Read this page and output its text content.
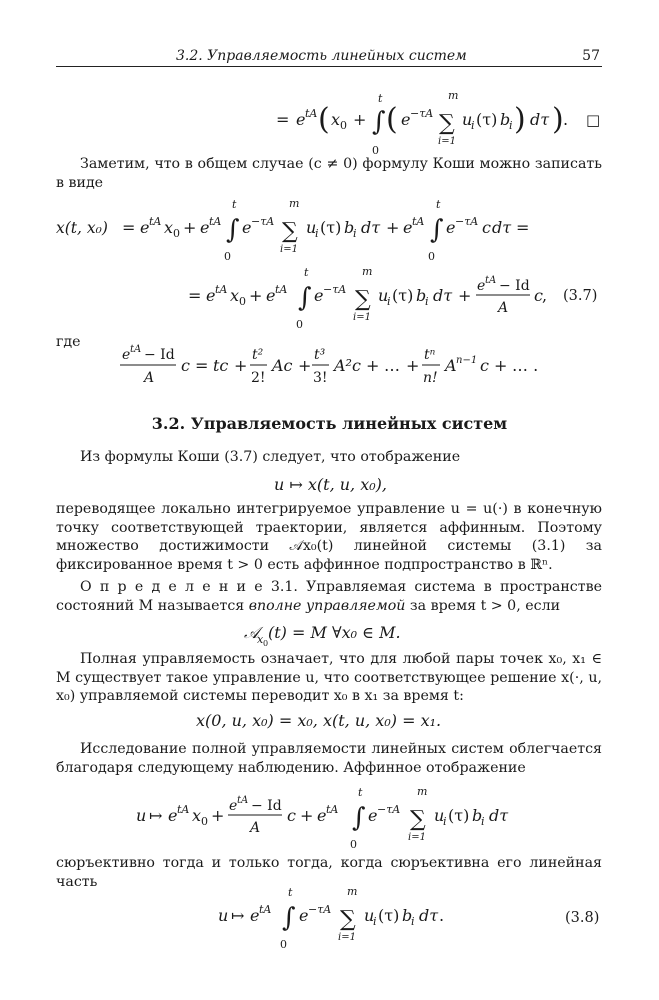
3.2. Управляемость линейных систем	57
= e tA ( x 0 +
t
∫
0
( e −τA
m
∑
i=1
u
i (τ) b
i ) dτ ) . □
Заметим, что в общем случае (c ≠ 0) формулу Коши можно записать в виде
x(t, x₀) = e tA x 0 + e tA
t
∫
0
e −τA
m
∑
i=1
u
i (τ) b
i dτ + e tA
t
∫
0
e −τA c dτ =
= e tA x 0 + e tA
t
∫
0
e −τA
m
∑
i=1
u
i (τ) b
i dτ + e tA − Id
A
c , (3.7)
где
e tA − Id
A
c = tc +
t²
2!
Ac +
t³
3!
A²c + … +
tⁿ
n!
A n−1 c + … .
3.2. Управляемость линейных систем
Из формулы Коши (3.7) следует, что отображение
u ↦ x(t, u, x₀),
переводящее локально интегрируемое управление u = u(·) в конечную точку соответствующей траектории, является аффинным. Поэтому множество достижимости 𝒜x₀(t) линейной системы (3.1) за фиксированное время t > 0 есть аффинное подпространство в ℝⁿ.
О п р е д е л е н и е 3.1. Управляемая система в пространстве состояний M называется вполне управляемой за время t > 0, если
𝒜
x 0
(t) = M ∀x₀ ∈ M.
Полная управляемость означает, что для любой пары точек x₀, x₁ ∈ M существует такое управление u, что соответствующее решение x(·, u, x₀) управляемой системы переводит x₀ в x₁ за время t:
x(0, u, x₀) = x₀, x(t, u, x₀) = x₁.
Исследование полной управляемости линейных систем облегчается благодаря следующему наблюдению. Аффинное отображение
u ↦ e tA x 0 + e tA − Id
A
c + e tA
t
∫
0
e −τA
m
∑
i=1
u
i (τ) b
i dτ
сюръективно тогда и только тогда, когда сюръективна его линейная часть
u ↦ e tA
t
∫
0
e −τA
m
∑
i=1
u
i (τ) b
i dτ .	(3.8)
